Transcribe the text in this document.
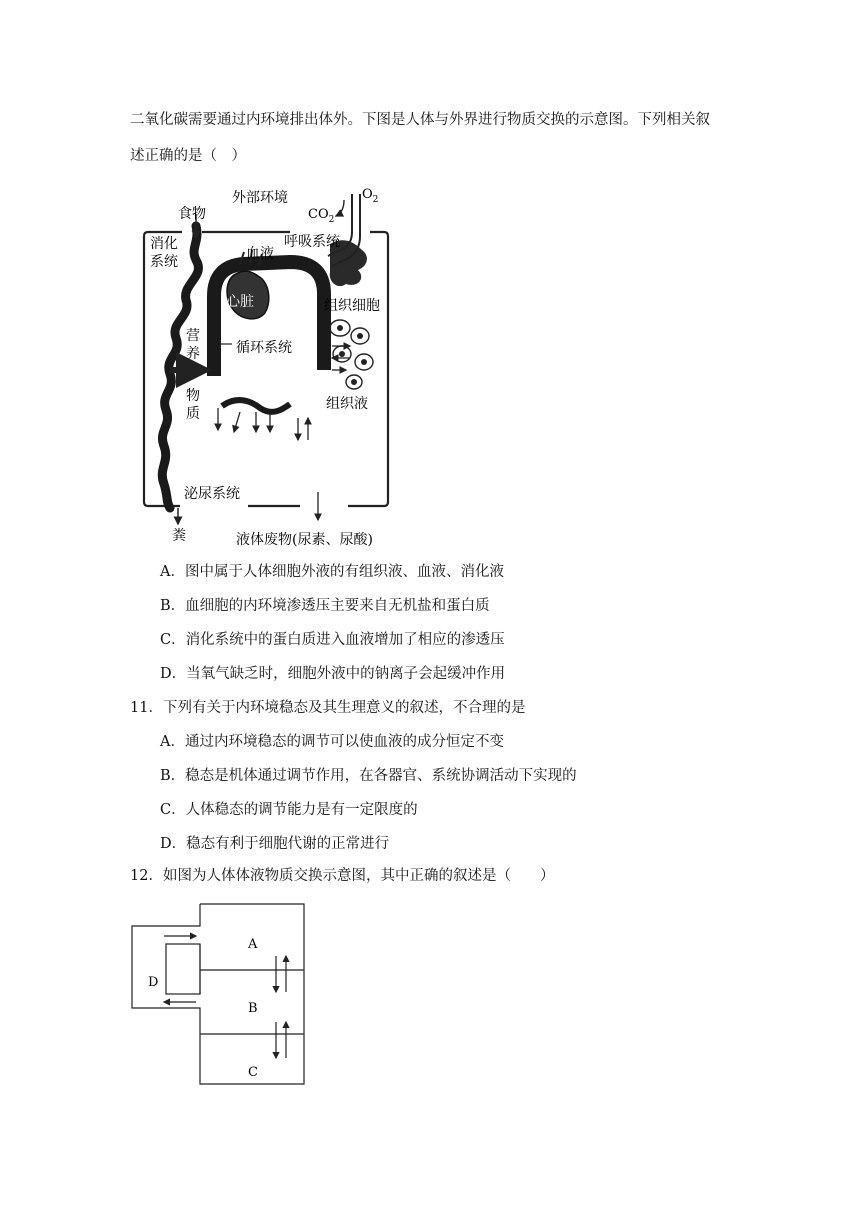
二氧化碳需要通过内环境排出体外。下图是人体与外界进行物质交换的示意图。下列相关叙
述正确的是（　）
食物
外部环境	$O_2$
$CO_2$
消化
系统	血液
呼吸系统
心脏	组织细胞
营
养	循环系统
物
质
组织液
泌尿系统
粪	液体废物(尿素、尿酸)
A．图中属于人体细胞外液的有组织液、血液、消化液
B．血细胞的内环境渗透压主要来自无机盐和蛋白质
C．消化系统中的蛋白质进入血液增加了相应的渗透压
D．当氧气缺乏时，细胞外液中的钠离子会起缓冲作用
11．下列有关于内环境稳态及其生理意义的叙述，不合理的是
A．通过内环境稳态的调节可以使血液的成分恒定不变
B．稳态是机体通过调节作用，在各器官、系统协调活动下实现的
C．人体稳态的调节能力是有一定限度的
D．稳态有利于细胞代谢的正常进行
12．如图为人体体液物质交换示意图，其中正确的叙述是（　　）
A
D
B
C
